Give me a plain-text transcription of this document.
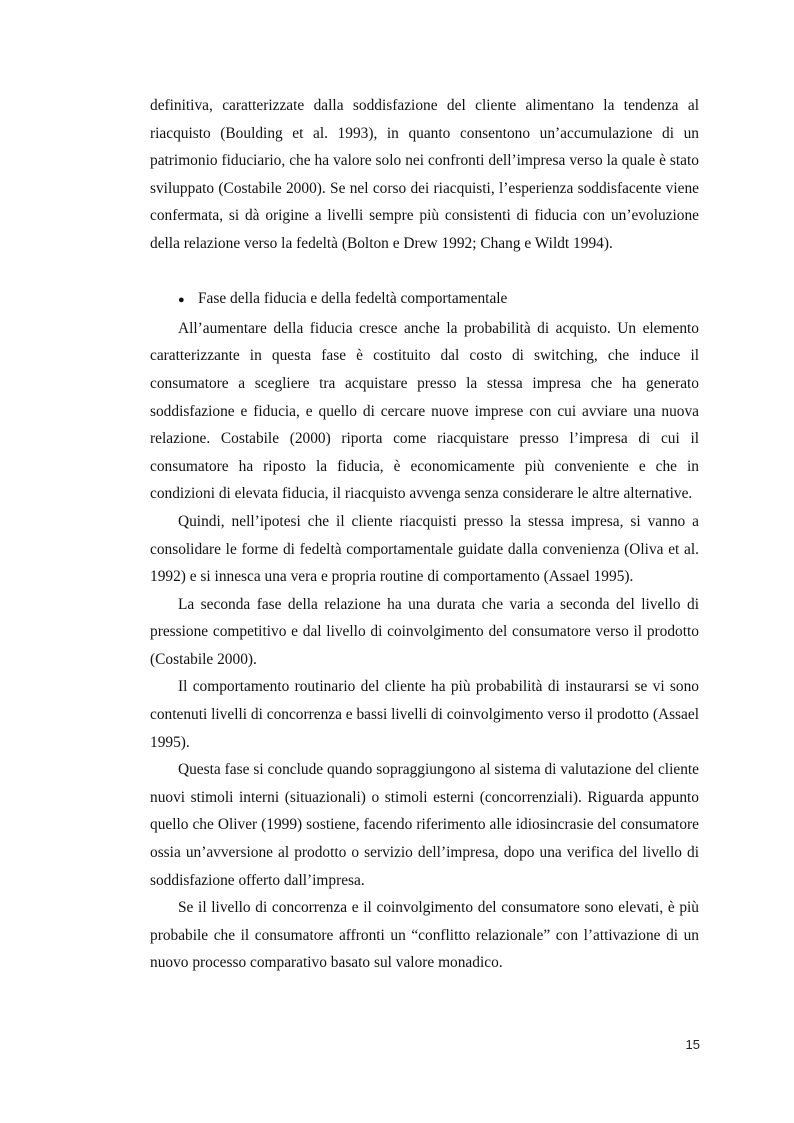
definitiva, caratterizzate dalla soddisfazione del cliente alimentano la tendenza al riacquisto (Boulding et al. 1993), in quanto consentono un’accumulazione di un patrimonio fiduciario, che ha valore solo nei confronti dell’impresa verso la quale è stato sviluppato (Costabile 2000). Se nel corso dei riacquisti, l’esperienza soddisfacente viene confermata, si dà origine a livelli sempre più consistenti di fiducia con un’evoluzione della relazione verso la fedeltà (Bolton e Drew 1992; Chang e Wildt 1994).

● Fase della fiducia e della fedeltà comportamentale

All’aumentare della fiducia cresce anche la probabilità di acquisto. Un elemento caratterizzante in questa fase è costituito dal costo di switching, che induce il consumatore a scegliere tra acquistare presso la stessa impresa che ha generato soddisfazione e fiducia, e quello di cercare nuove imprese con cui avviare una nuova relazione. Costabile (2000) riporta come riacquistare presso l’impresa di cui il consumatore ha riposto la fiducia, è economicamente più conveniente e che in condizioni di elevata fiducia, il riacquisto avvenga senza considerare le altre alternative.

Quindi, nell’ipotesi che il cliente riacquisti presso la stessa impresa, si vanno a consolidare le forme di fedeltà comportamentale guidate dalla convenienza (Oliva et al. 1992) e si innesca una vera e propria routine di comportamento (Assael 1995).

La seconda fase della relazione ha una durata che varia a seconda del livello di pressione competitivo e dal livello di coinvolgimento del consumatore verso il prodotto (Costabile 2000).

Il comportamento routinario del cliente ha più probabilità di instaurarsi se vi sono contenuti livelli di concorrenza e bassi livelli di coinvolgimento verso il prodotto (Assael 1995).

Questa fase si conclude quando sopraggiungono al sistema di valutazione del cliente nuovi stimoli interni (situazionali) o stimoli esterni (concorrenziali). Riguarda appunto quello che Oliver (1999) sostiene, facendo riferimento alle idiosincrasie del consumatore ossia un’avversione al prodotto o servizio dell’impresa, dopo una verifica del livello di soddisfazione offerto dall’impresa.

Se il livello di concorrenza e il coinvolgimento del consumatore sono elevati, è più probabile che il consumatore affronti un “conflitto relazionale” con l’attivazione di un nuovo processo comparativo basato sul valore monadico.

15
